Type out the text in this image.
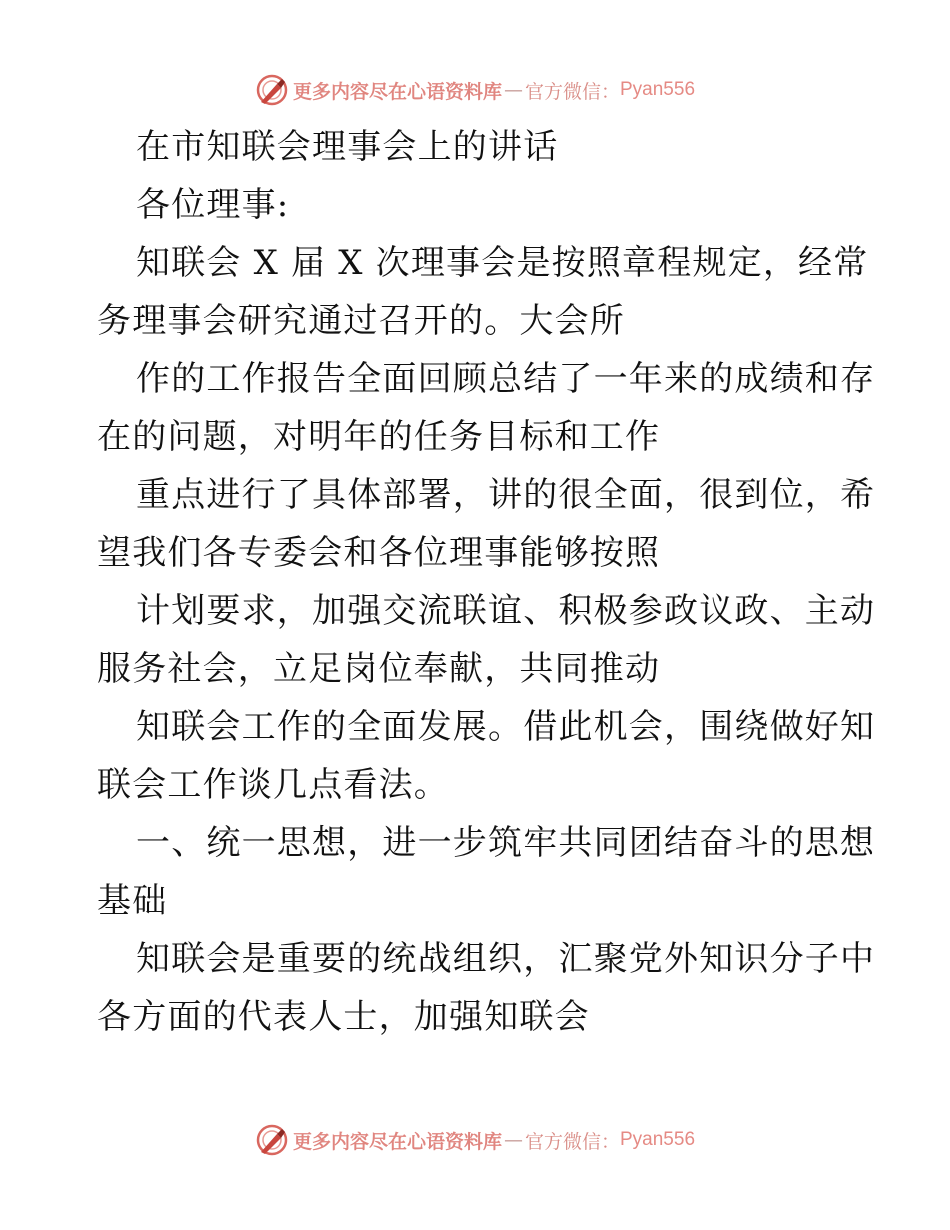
更多内容尽在心语资料库 — 官方微信： Pyan556
在市知联会理事会上的讲话
各位理事:
知联会 X 届 X 次理事会是按照章程规定，经常
务理事会研究通过召开的。大会所
作的工作报告全面回顾总结了一年来的成绩和存
在的问题，对明年的任务目标和工作
重点进行了具体部署，讲的很全面，很到位，希
望我们各专委会和各位理事能够按照
计划要求，加强交流联谊、积极参政议政、主动
服务社会，立足岗位奉献，共同推动
知联会工作的全面发展。借此机会，围绕做好知
联会工作谈几点看法。
一、统一思想，进一步筑牢共同团结奋斗的思想
基础
知联会是重要的统战组织，汇聚党外知识分子中
各方面的代表人士，加强知联会
更多内容尽在心语资料库 — 官方微信： Pyan556
